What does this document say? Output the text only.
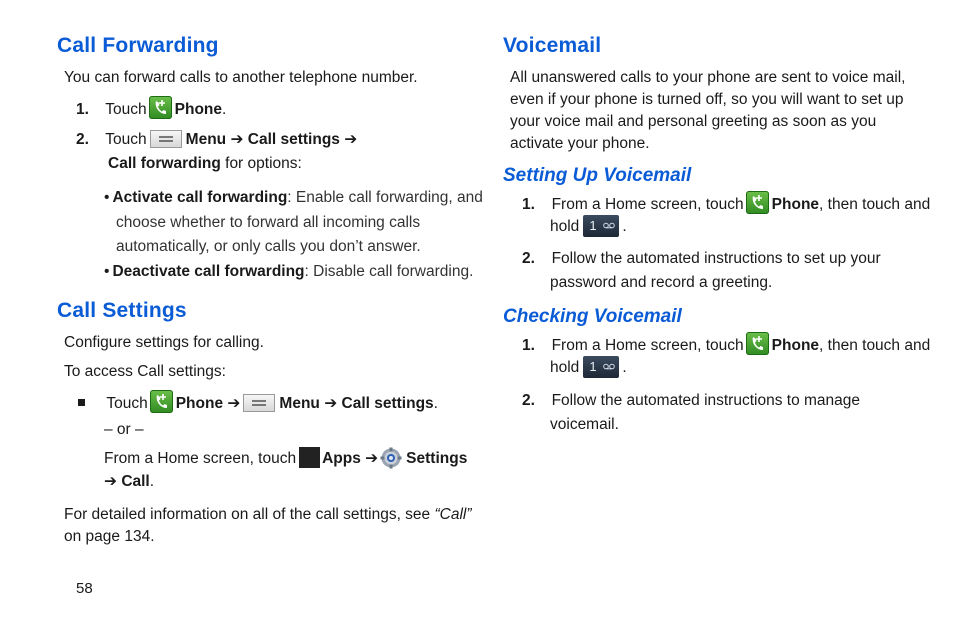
Call Forwarding
You can forward calls to another telephone number.
1. Touch Phone.
2. Touch	Menu ➔ Call settings ➔
Call forwarding for options:
• Activate call forwarding: Enable call forwarding, and
choose whether to forward all incoming calls
automatically, or only calls you don’t answer.
• Deactivate call forwarding: Disable call forwarding.
Call Settings
Configure settings for calling.
To access Call settings:
Touch Phone ➔	Menu ➔ Call settings.
– or –
From a Home screen, touch Apps ➔ Settings
➔ Call.
For detailed information on all of the call settings, see “Call”
on page 134.
58
Voicemail
All unanswered calls to your phone are sent to voice mail,
even if your phone is turned off, so you will want to set up
your voice mail and personal greeting as soon as you
activate your phone.
Setting Up Voicemail
1. From a Home screen, touch Phone, then touch and
hold 1 .
2. Follow the automated instructions to set up your
password and record a greeting.
Checking Voicemail
1. From a Home screen, touch Phone, then touch and
hold 1 .
2. Follow the automated instructions to manage
voicemail.
